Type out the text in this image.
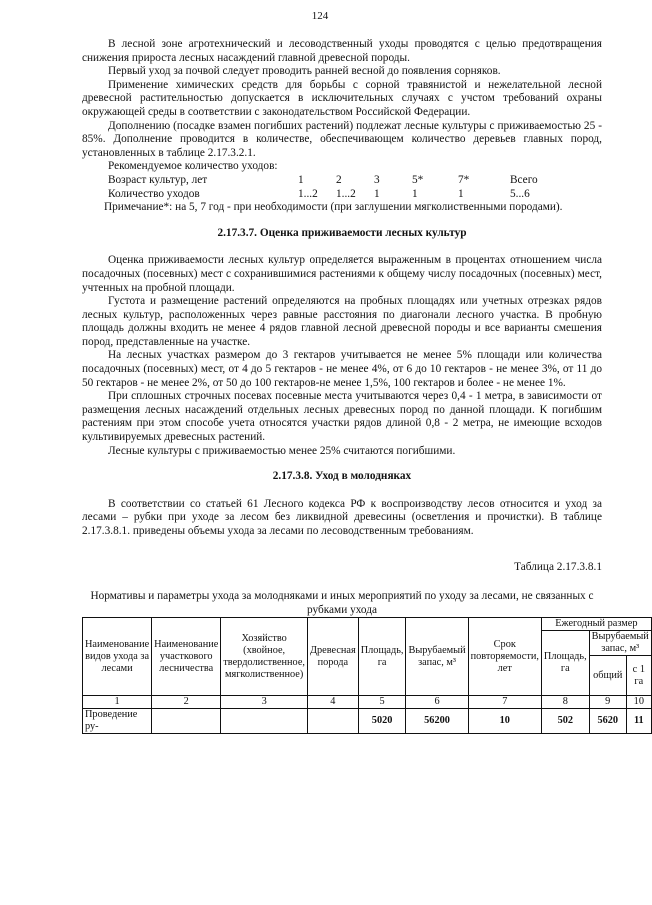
124

В лесной зоне агротехнический и лесоводственный уходы проводятся с целью предотвращения снижения прироста лесных насаждений главной древесной породы.

Первый уход за почвой следует проводить ранней весной до появления сорняков.

Применение химических средств для борьбы с сорной травянистой и нежелательной лесной древесной растительностью допускается в исключительных случаях с учстом требований охраны окружающей среды в соответствии с законодательством Российской Федерации.

Дополнению (посадке взамен погибших растений) подлежат лесные культуры с приживаемостью 25 - 85%. Дополнение проводится в количестве, обеспечивающем количество деревьев главных пород, установленных в таблице 2.17.3.2.1.

Рекомендуемое количество уходов:

Возраст культур, лет	1	2	3	5*	7*	Всего
Количество уходов	1...2	1...2	1	1	1	5...6

Примечание*: на 5, 7 год - при необходимости (при заглушении мягколиственными породами).

2.17.3.7. Оценка приживаемости лесных культур

Оценка приживаемости лесных культур определяется выраженным в процентах отношением числа посадочных (посевных) мест с сохранившимися растениями к общему числу посадочных (посевных) мест, учтенных на пробной площади.

Густота и размещение растений определяются на пробных площадях или учетных отрезках рядов лесных культур, расположенных через равные расстояния по диагонали лесного участка. В пробную площадь должны входить не менее 4 рядов главной лесной древесной породы и все варианты смешения пород, представленные на участке.

На лесных участках размером до 3 гектаров учитывается не менее 5% площади или количества посадочных (посевных) мест, от 4 до 5 гектаров - не менее 4%, от 6 до 10 гектаров - не менее 3%, от 11 до 50 гектаров - не менее 2%, от 50 до 100 гектаров-не менее 1,5%, 100 гектаров и более - не менее 1%.

При сплошных строчных посевах посевные места учитываются через 0,4 - 1 метра, в зависимости от размещения лесных насаждений отдельных лесных древесных пород по данной площади. К погибшим растениям при этом способе учета относятся участки рядов длиной 0,8 - 2 метра, не имеющие всходов культивируемых древесных растений.

Лесные культуры с приживаемостью менее 25% считаются погибшими.

2.17.3.8. Уход в молодняках

В соответствии со статьей 61 Лесного кодекса РФ к воспроизводству лесов относится и уход за лесами – рубки при уходе за лесом без ликвидной древесины (осветления и прочистки). В таблице 2.17.3.8.1. приведены объемы ухода за лесами по лесоводственным требованиям.

Таблица 2.17.3.8.1
Нормативы и параметры ухода за молодняками и иных мероприятий по уходу за лесами, не связанных с рубками ухода
Наименование видов ухода за лесами	Наименование участкового лесничества	Хозяйство (хвойное, твердолиственное, мягколиственное)	Древесная порода	Площадь, га	Вырубаемый запас, м³	Срок повторяемости, лет	Ежегодный размер		
							Площадь, га	Вырубаемый запас, м³	
								общий	с 1 га
1	2	3	4	5	6	7	8	9	10
Проведение ру-				5020	56200	10	502	5620	11
